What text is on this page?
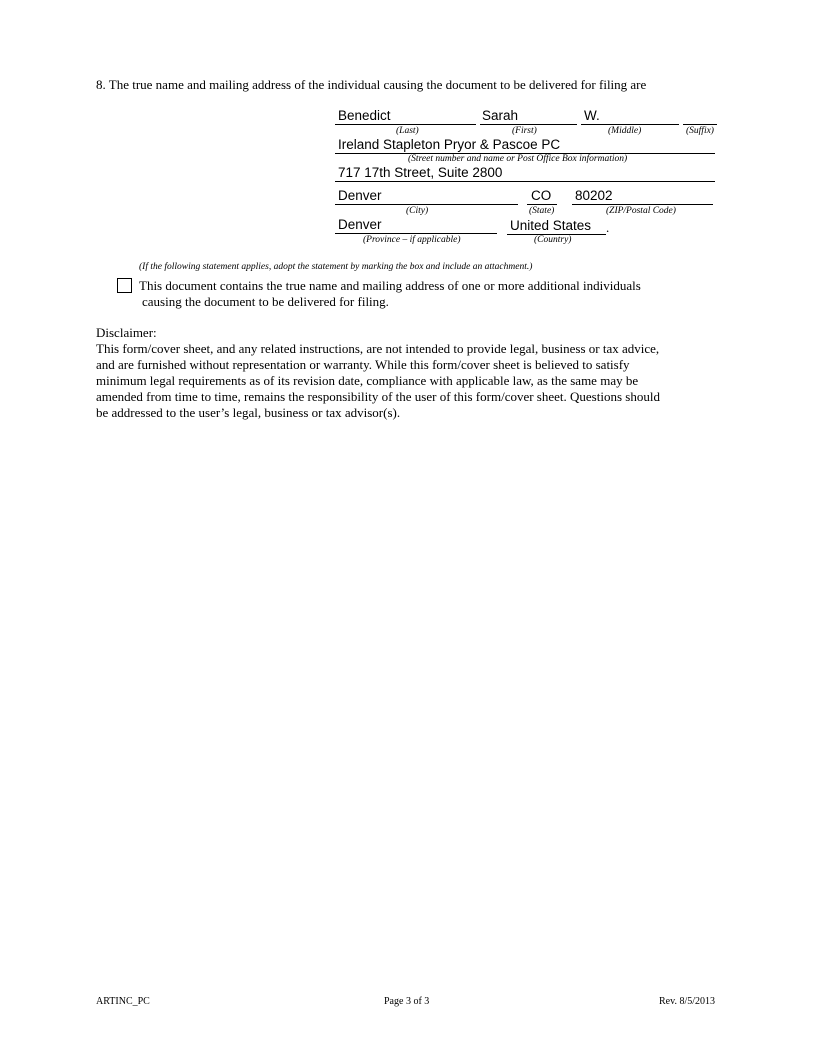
8. The true name and mailing address of the individual causing the document to be delivered for filing are
Benedict	Sarah	W.
(Last)	(First)	(Middle)	(Suffix)
Ireland Stapleton Pryor & Pascoe PC
(Street number and name or Post Office Box information)
717 17th Street, Suite 2800
Denver	CO 80202
(City)	(State)	(ZIP/Postal Code)
Denver	United States .
(Province – if applicable)	(Country)
(If the following statement applies, adopt the statement by marking the box and include an attachment.)
This document contains the true name and mailing address of one or more additional individuals
causing the document to be delivered for filing.
Disclaimer:
This form/cover sheet, and any related instructions, are not intended to provide legal, business or tax advice,
and are furnished without representation or warranty. While this form/cover sheet is believed to satisfy
minimum legal requirements as of its revision date, compliance with applicable law, as the same may be
amended from time to time, remains the responsibility of the user of this form/cover sheet. Questions should
be addressed to the user’s legal, business or tax advisor(s).
ARTINC_PC	Page 3 of 3	Rev. 8/5/2013
